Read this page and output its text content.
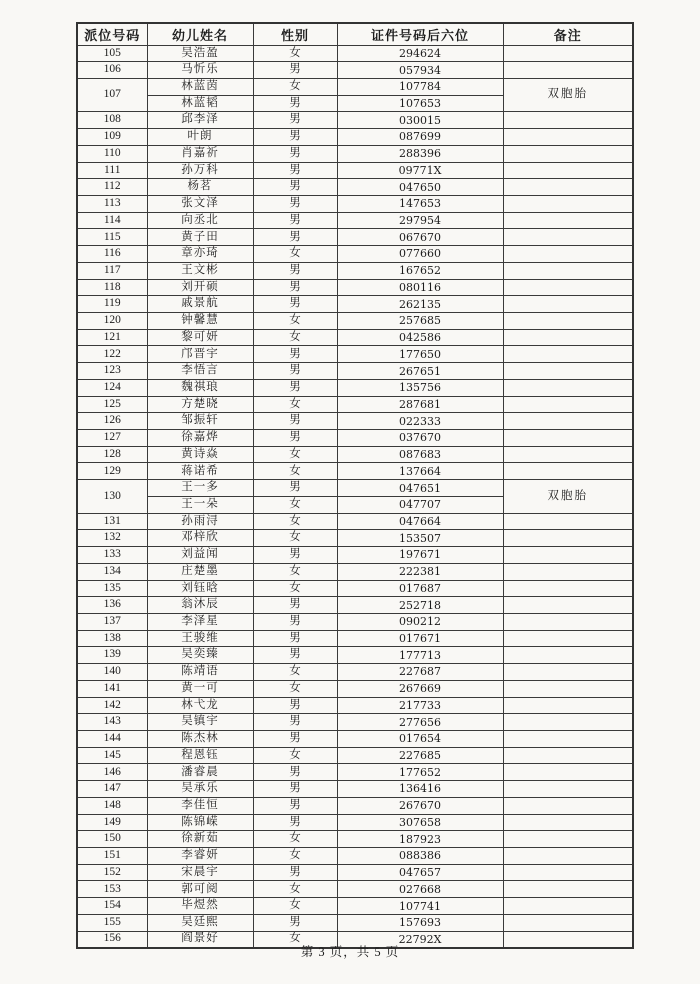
派位号码	幼儿姓名	性别	证件号码后六位	备注
105	吴浩盈	女	294624	
106	马忻乐	男	057934	
107	林蓝茵	女	107784	双胞胎
	林蓝韬	男	107653	
108	邱李泽	男	030015	
109	叶朗	男	087699	
110	肖嘉祈	男	288396	
111	孙万科	男	09771X	
112	杨茗	男	047650	
113	张文泽	男	147653	
114	向丞北	男	297954	
115	黄子田	男	067670	
116	章亦琦	女	077660	
117	王文彬	男	167652	
118	刘开硕	男	080116	
119	戚景航	男	262135	
120	钟馨慧	女	257685	
121	黎可妍	女	042586	
122	邝晋宇	男	177650	
123	李悟言	男	267651	
124	魏祺琅	男	135756	
125	方楚晓	女	287681	
126	邹振轩	男	022333	
127	徐嘉烨	男	037670	
128	黄诗焱	女	087683	
129	蒋诺希	女	137664	
130	王一多	男	047651	双胞胎
	王一朵	女	047707	
131	孙雨浔	女	047664	
132	邓梓欣	女	153507	
133	刘益闻	男	197671	
134	庄楚墨	女	222381	
135	刘钰晗	女	017687	
136	翁沐辰	男	252718	
137	李泽星	男	090212	
138	王骏维	男	017671	
139	吴奕臻	男	177713	
140	陈靖语	女	227687	
141	黄一可	女	267669	
142	林弋龙	男	217733	
143	吴镇宇	男	277656	
144	陈杰林	男	017654	
145	程恩钰	女	227685	
146	潘睿晨	男	177652	
147	吴承乐	男	136416	
148	李佳恒	男	267670	
149	陈锦嵘	男	307658	
150	徐新茹	女	187923	
151	李睿妍	女	088386	
152	宋晨宇	男	047657	
153	郭可阅	女	027668	
154	毕煜然	女	107741	
155	吴廷熙	男	157693	
156	阎景好	女	22792X	
第 3 页，共 5 页
